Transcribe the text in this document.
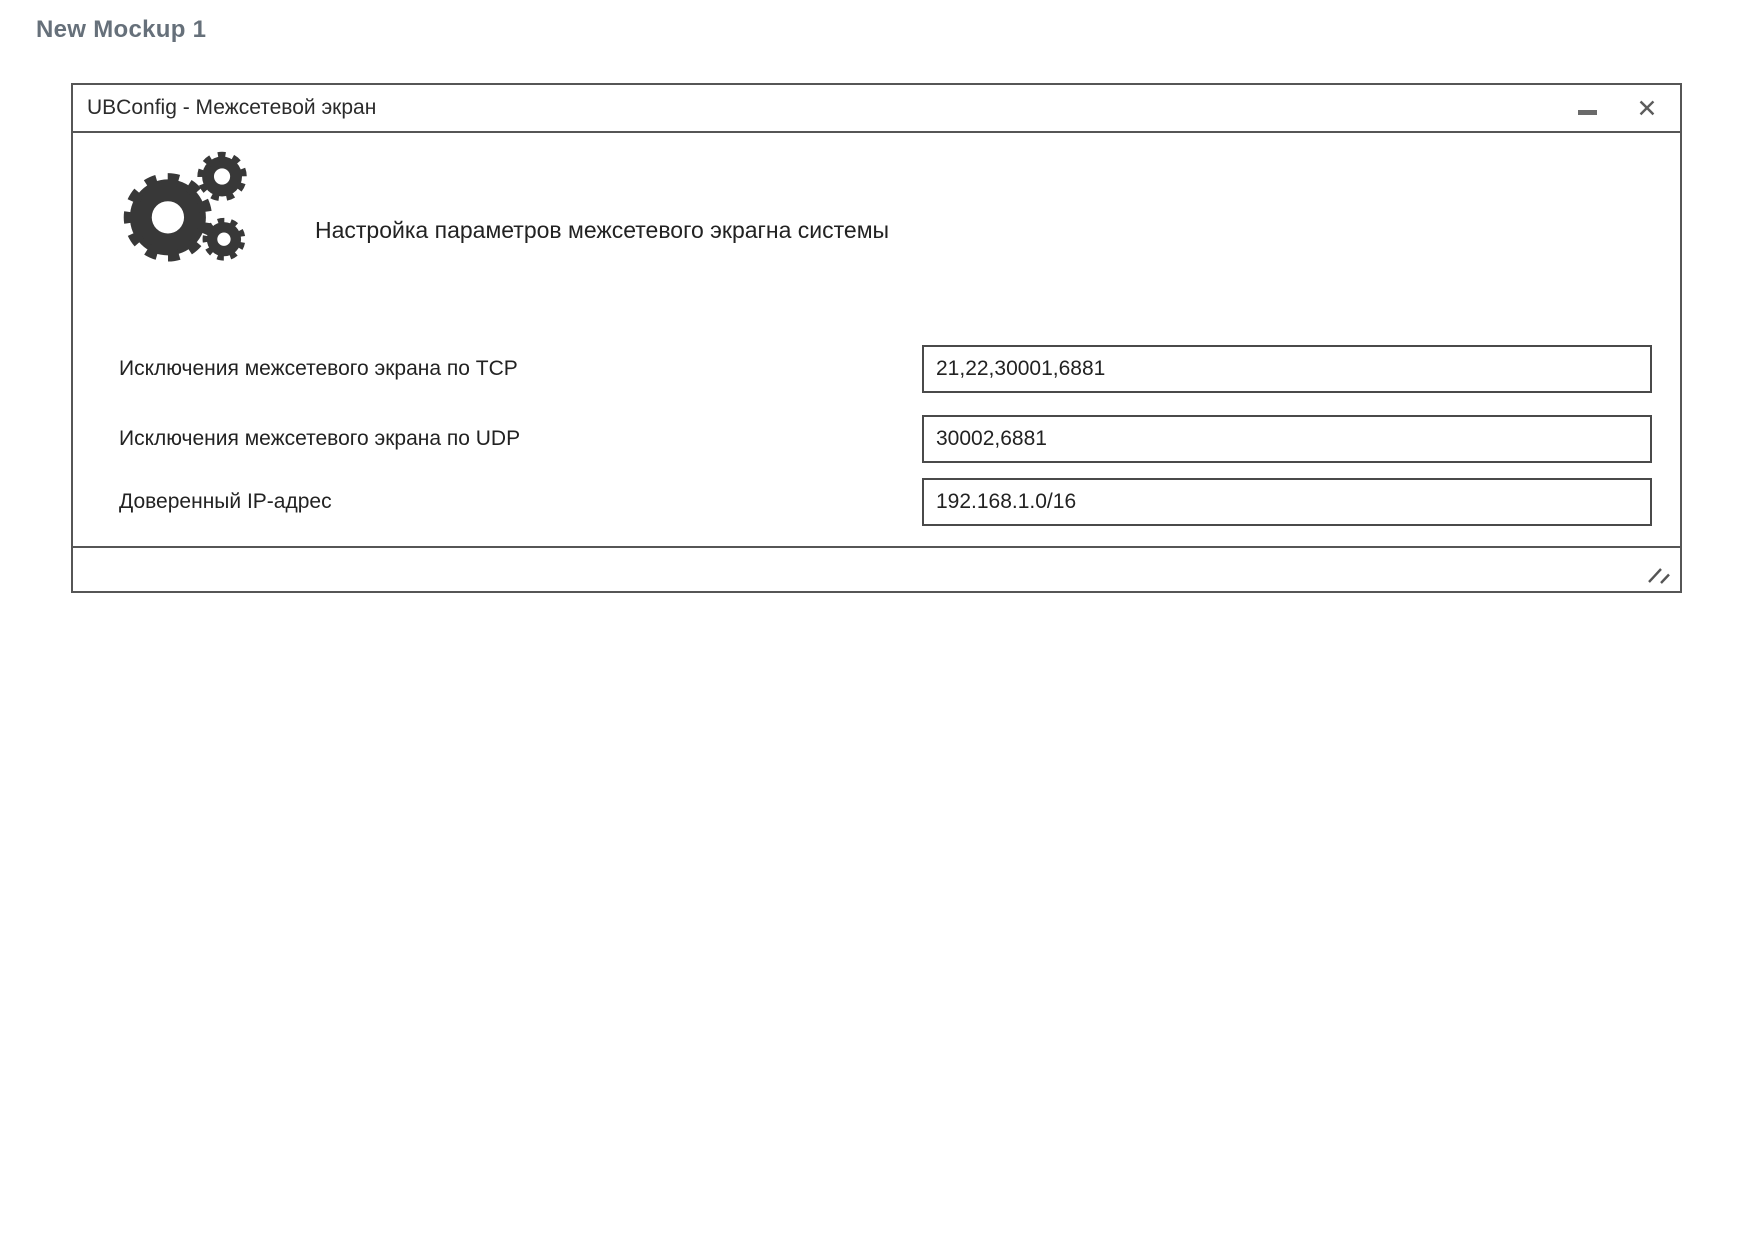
New Mockup 1
UBConfig - Межсетевой экран	✕
Настройка параметров межсетевого экрагна системы
Исключения межсетевого экрана по TCP
21,22,30001,6881
Исключения межсетевого экрана по UDP
30002,6881
Доверенный IP-адрес
192.168.1.0/16
